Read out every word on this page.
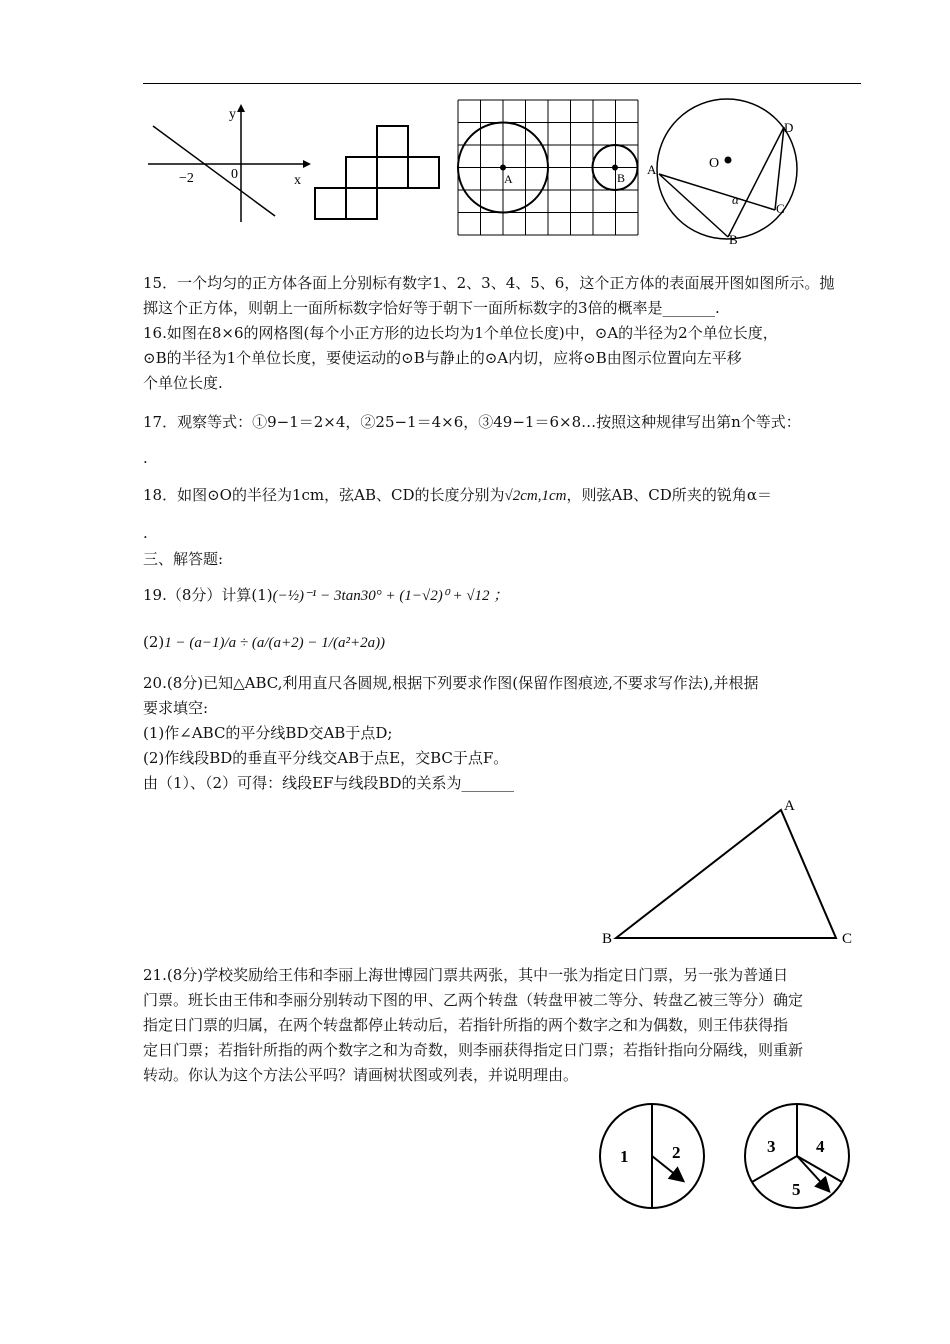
y
x
−2	0	A	B
O
A
B
C
D
α
15．一个均匀的正方体各面上分别标有数字1、2、3、4、5、6，这个正方体的表面展开图如图所示。抛
掷这个正方体，则朝上一面所标数字恰好等于朝下一面所标数字的3倍的概率是_______.
16.如图在8×6的网格图(每个小正方形的边长均为1个单位长度)中，⊙A的半径为2个单位长度，
⊙B的半径为1个单位长度，要使运动的⊙B与静止的⊙A内切，应将⊙B由图示位置向左平移
个单位长度.
17．观察等式：①9−1＝2×4，②25−1＝4×6，③49−1＝6×8…按照这种规律写出第n个等式：
.
18．如图⊙O的半径为1cm，弦AB、CD的长度分别为√2cm,1cm，则弦AB、CD所夹的锐角α＝
.
三、解答题:
19.（8分）计算(1)(−½)⁻¹ − 3tan30° + (1−√2)⁰ + √12 ；
(2)1 − (a−1)/a ÷ (a/(a+2) − 1/(a²+2a))
20.(8分)已知△ABC,利用直尺各圆规,根据下列要求作图(保留作图痕迹,不要求写作法),并根据
要求填空:
(1)作∠ABC的平分线BD交AB于点D;
(2)作线段BD的垂直平分线交AB于点E，交BC于点F。
由（1）、（2）可得：线段EF与线段BD的关系为_______
A
B	C
21.(8分)学校奖励给王伟和李丽上海世博园门票共两张，其中一张为指定日门票，另一张为普通日
门票。班长由王伟和李丽分别转动下图的甲、乙两个转盘（转盘甲被二等分、转盘乙被三等分）确定
指定日门票的归属，在两个转盘都停止转动后，若指针所指的两个数字之和为偶数，则王伟获得指
定日门票；若指针所指的两个数字之和为奇数，则李丽获得指定日门票；若指针指向分隔线，则重新
转动。你认为这个方法公平吗？请画树状图或列表，并说明理由。
1	2	3 4
5
